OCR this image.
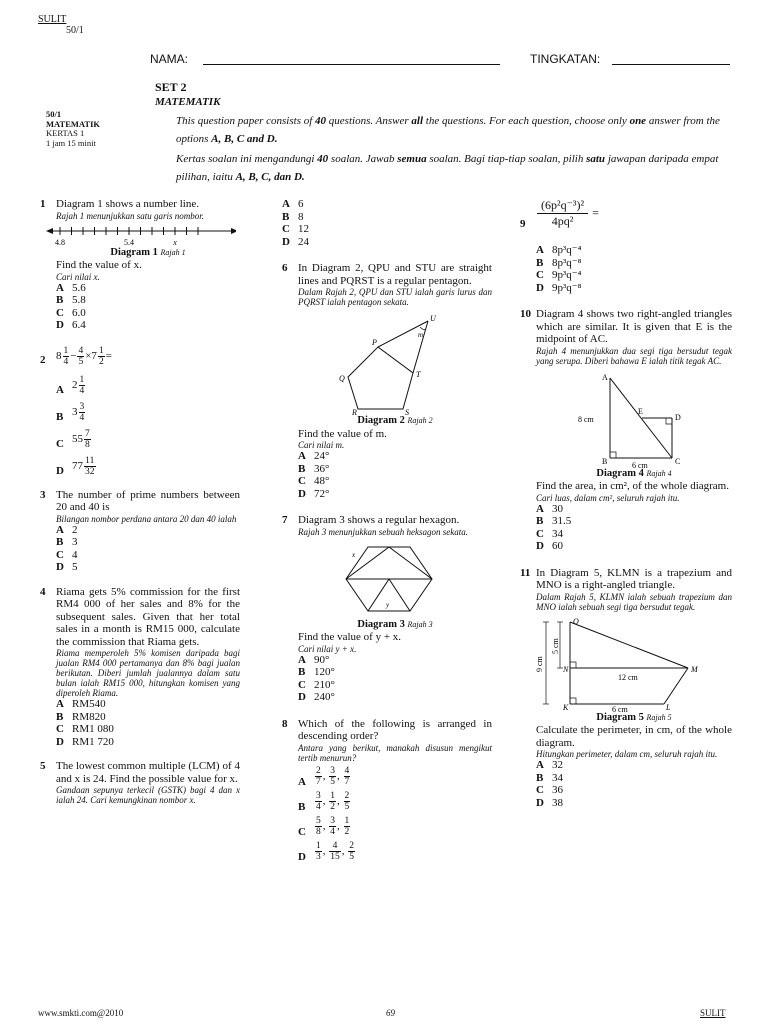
SULIT
50/1
NAMA:	TINGKATAN:
SET 2
MATEMATIK
50/1
MATEMATIK
KERTAS 1
1 jam 15 minit
This question paper consists of 40 questions. Answer all the questions. For each question, choose only one answer from the options A, B, C and D.
Kertas soalan ini mengandungi 40 soalan. Jawab semua soalan. Bagi tiap-tiap soalan, pilih satu jawapan daripada empat pilihan, iaitu A, B, C, dan D.
1 Diagram 1 shows a number line.
Rajah 1 menunjukkan satu garis nombor.
4.8	5.4	x
Diagram 1 Rajah 1
Find the value of x.
Cari nilai x.
A 5.6
B 5.8
C 6.0
D 6.4
2 $8 \frac{1}{4} - \frac{4}{5} \times 7 \frac{1}{2}$ =
A $2 \frac{1}{4}$
B $3 \frac{3}{4}$
C $55 \frac{7}{8}$
D $77 \frac{11}{32}$
3 The number of prime numbers between 20 and 40 is
Bilangan nombor perdana antara 20 dan 40 ialah
A 2
B 3
C 4
D 5
4 Riama gets 5% commission for the first RM4 000 of her sales and 8% for the subsequent sales. Given that her total sales in a month is RM15 000, calculate the commission that Riama gets.
Riama memperoleh 5% komisen daripada bagi jualan RM4 000 pertamanya dan 8% bagi jualan berikutan. Diberi jumlah jualannya dalam satu bulan ialah RM15 000, hitungkan komisen yang diperoleh Riama.
A RM540
B RM820
C RM1 080
D RM1 720
5 The lowest common multiple (LCM) of 4 and x is 24. Find the possible value for x.
Gandaan sepunya terkecil (GSTK) bagi 4 dan x ialah 24. Cari kemungkinan nombor x.
A 6
B 8
C 12
D 24
6 In Diagram 2, QPU and STU are straight lines and PQRST is a regular pentagon.
Dalam Rajah 2, QPU dan STU ialah garis lurus dan PQRST ialah pentagon sekata.
U
m
P
T
Q
R	S
Diagram 2 Rajah 2
Find the value of m.
Cari nilai m.
A 24°
B 36°
C 48°
D 72°
7 Diagram 3 shows a regular hexagon.
Rajah 3 menunjukkan sebuah heksagon sekata.
x
y
Diagram 3 Rajah 3
Find the value of y + x.
Cari nilai y + x.
A 90°
B 120°
C 210°
D 240°
8 Which of the following is arranged in descending order?
Antara yang berikut, manakah disusun mengikut tertib menurun?
A $\frac{2}{7}$ , $\frac{3}{5}$ , $\frac{4}{7}$
B $\frac{3}{4}$ , $\frac{1}{2}$ , $\frac{2}{5}$
C $\frac{5}{8}$ , $\frac{3}{4}$ , $\frac{1}{2}$
D $\frac{1}{3}$ , $\frac{4}{15}$ , $\frac{2}{5}$
$9 \frac{\text{(6p²q⁻³)²}}{\text{4pq²}}$ =
A 8p³q⁻⁴
B 8p³q⁻⁸
C 9p³q⁻⁴
D 9p³q⁻⁸
10 Diagram 4 shows two right-angled triangles which are similar. It is given that E is the midpoint of AC.
Rajah 4 menunjukkan dua segi tiga bersudut tegak yang serupa. Diberi bahawa E ialah titik tegak AC.
A
E
D
B	C
8 cm
6 cm
Diagram 4 Rajah 4
Find the area, in cm², of the whole diagram.
Cari luas, dalam cm², seluruh rajah itu.
A 30
B 31.5
C 34
D 60
11 In Diagram 5, KLMN is a trapezium and MNO is a right-angled triangle.
Dalam Rajah 5, KLMN ialah sebuah trapezium dan MNO ialah sebuah segi tiga bersudut tegak.
O
N	M
K	L
9 cm
5 cm
12 cm
6 cm
Diagram 5 Rajah 5
Calculate the perimeter, in cm, of the whole diagram.
Hitungkan perimeter, dalam cm, seluruh rajah itu.
A 32
B 34
C 36
D 38
www.smkti.com@2010	69	SULIT
